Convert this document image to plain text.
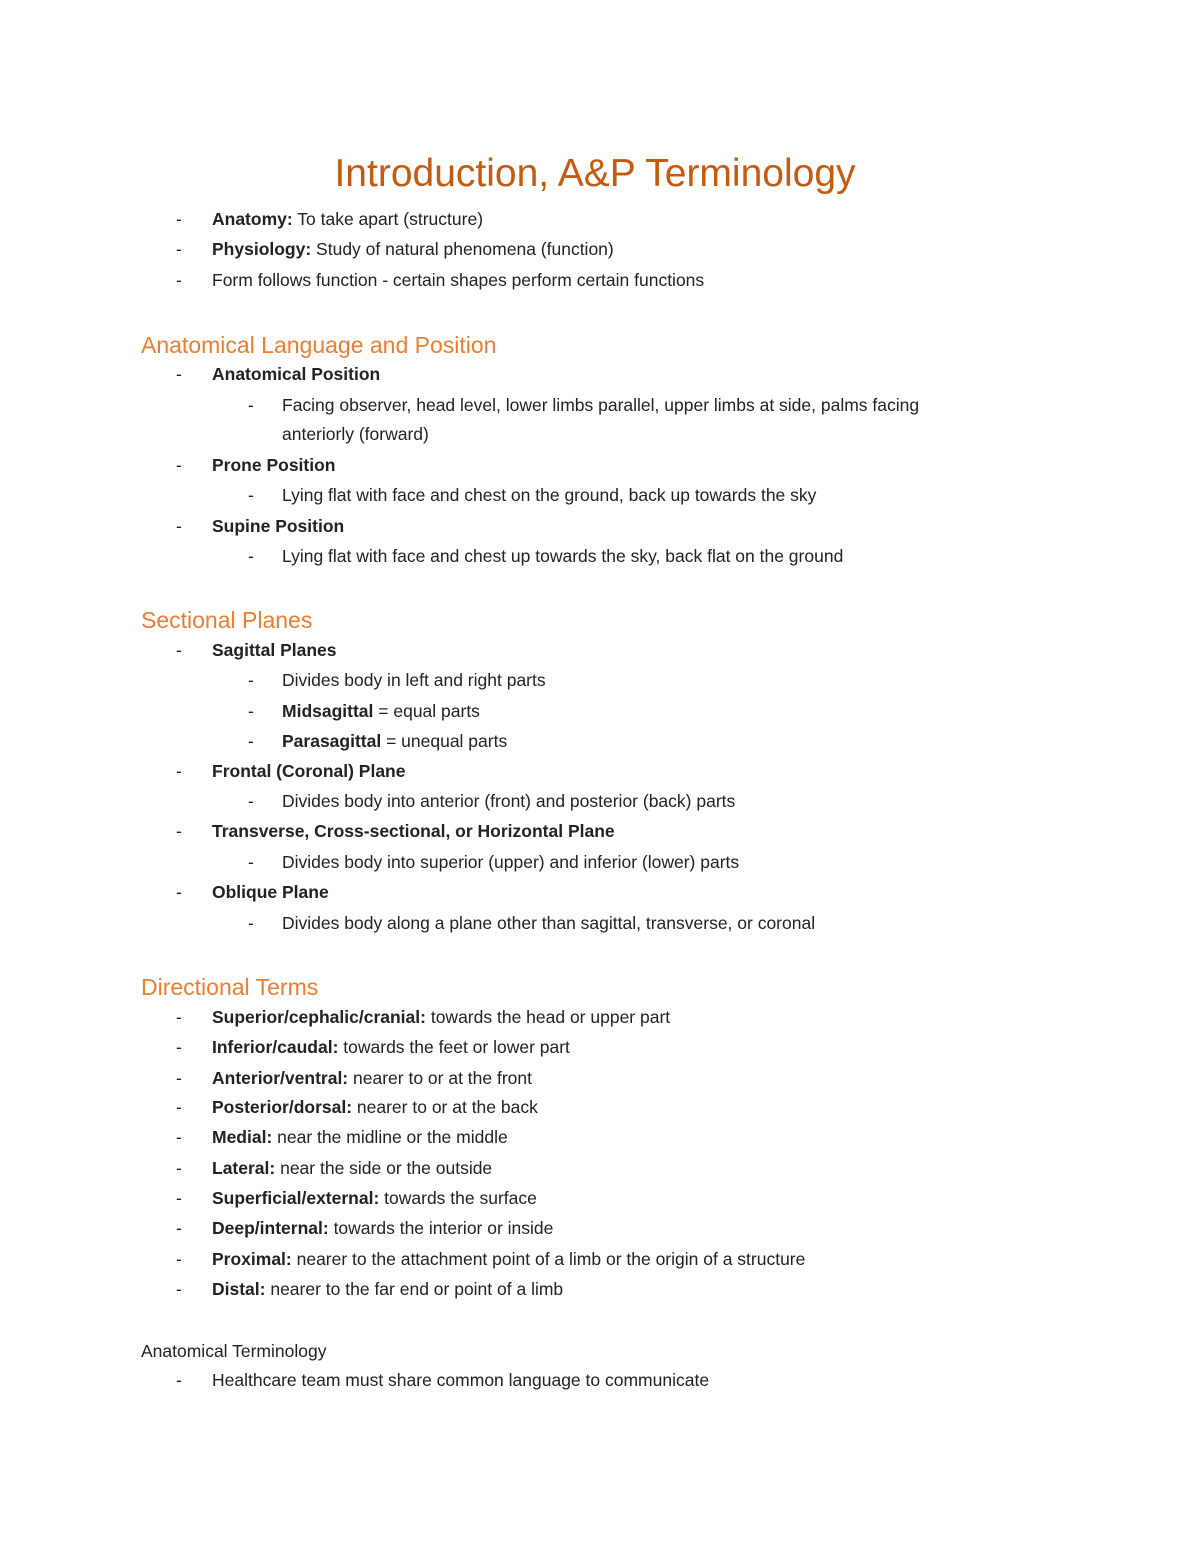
Introduction, A&P Terminology
- Anatomy: To take apart (structure)
- Physiology: Study of natural phenomena (function)
- Form follows function - certain shapes perform certain functions
Anatomical Language and Position
- Anatomical Position
- Facing observer, head level, lower limbs parallel, upper limbs at side, palms facing
anteriorly (forward)
- Prone Position
- Lying flat with face and chest on the ground, back up towards the sky
- Supine Position
- Lying flat with face and chest up towards the sky, back flat on the ground
Sectional Planes
- Sagittal Planes
- Divides body in left and right parts
- Midsagittal = equal parts
- Parasagittal = unequal parts
- Frontal (Coronal) Plane
- Divides body into anterior (front) and posterior (back) parts
- Transverse, Cross-sectional, or Horizontal Plane
- Divides body into superior (upper) and inferior (lower) parts
- Oblique Plane
- Divides body along a plane other than sagittal, transverse, or coronal
Directional Terms
- Superior/cephalic/cranial: towards the head or upper part
- Inferior/caudal: towards the feet or lower part
- Anterior/ventral: nearer to or at the front
- Posterior/dorsal: nearer to or at the back
- Medial: near the midline or the middle
- Lateral: near the side or the outside
- Superficial/external: towards the surface
- Deep/internal: towards the interior or inside
- Proximal: nearer to the attachment point of a limb or the origin of a structure
- Distal: nearer to the far end or point of a limb
Anatomical Terminology
- Healthcare team must share common language to communicate
